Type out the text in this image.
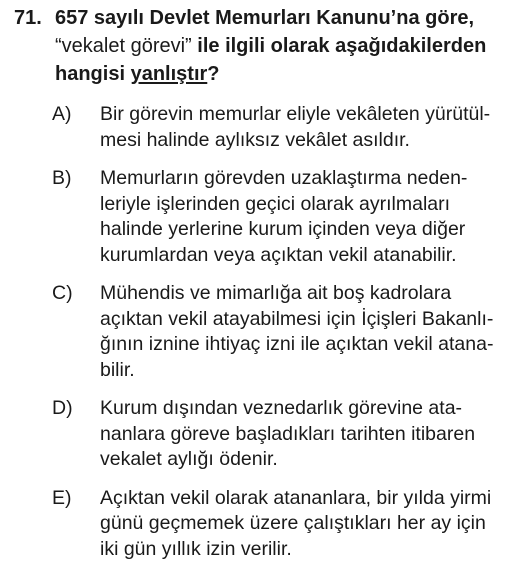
71. 657 sayılı Devlet Memurları Kanunu’na göre,
“vekalet görevi” ile ilgili olarak aşağıdakilerden
hangisi yanlıştır?
A) Bir görevin memurlar eliyle vekâleten yürütül-
mesi halinde aylıksız vekâlet asıldır.
B) Memurların görevden uzaklaştırma neden-
leriyle işlerinden geçici olarak ayrılmaları
halinde yerlerine kurum içinden veya diğer
kurumlardan veya açıktan vekil atanabilir.
C) Mühendis ve mimarlığa ait boş kadrolara
açıktan vekil atayabilmesi için İçişleri Bakanlı-
ğının iznine ihtiyaç izni ile açıktan vekil atana-
bilir.
D) Kurum dışından veznedarlık görevine ata-
nanlara göreve başladıkları tarihten itibaren
vekalet aylığı ödenir.
E) Açıktan vekil olarak atananlara, bir yılda yirmi
günü geçmemek üzere çalıştıkları her ay için
iki gün yıllık izin verilir.
